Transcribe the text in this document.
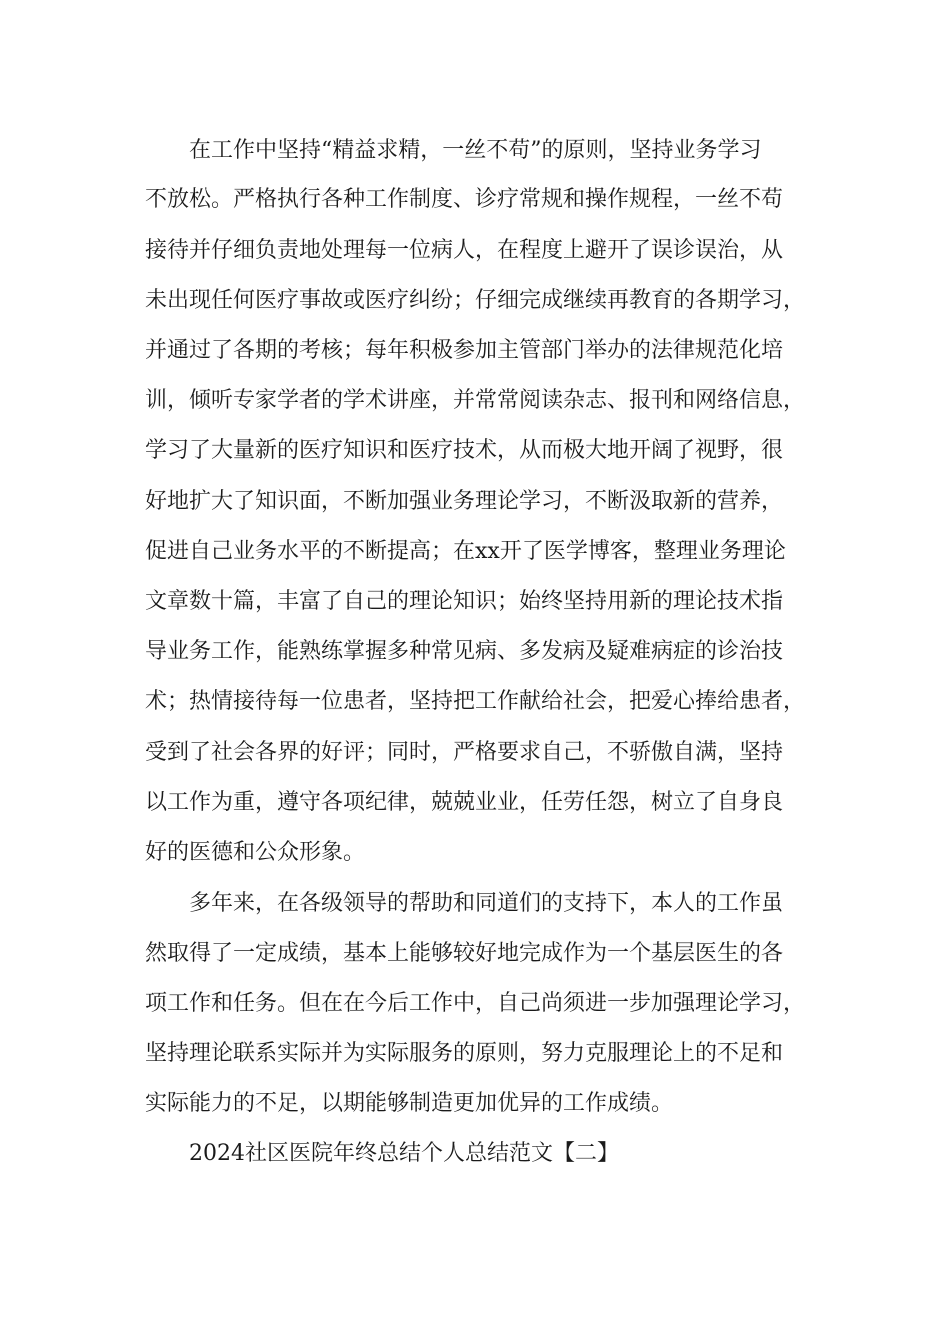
在工作中坚持“精益求精，一丝不苟”的原则，坚持业务学习

不放松。严格执行各种工作制度、诊疗常规和操作规程，一丝不苟

接待并仔细负责地处理每一位病人，在程度上避开了误诊误治，从

未出现任何医疗事故或医疗纠纷；仔细完成继续再教育的各期学习，

并通过了各期的考核；每年积极参加主管部门举办的法律规范化培

训，倾听专家学者的学术讲座，并常常阅读杂志、报刊和网络信息，

学习了大量新的医疗知识和医疗技术，从而极大地开阔了视野，很

好地扩大了知识面，不断加强业务理论学习，不断汲取新的营养，

促进自己业务水平的不断提高；在xx开了医学博客，整理业务理论

文章数十篇，丰富了自己的理论知识；始终坚持用新的理论技术指

导业务工作，能熟练掌握多种常见病、多发病及疑难病症的诊治技

术；热情接待每一位患者，坚持把工作献给社会，把爱心捧给患者，

受到了社会各界的好评；同时，严格要求自己，不骄傲自满，坚持

以工作为重，遵守各项纪律，兢兢业业，任劳任怨，树立了自身良

好的医德和公众形象。

多年来，在各级领导的帮助和同道们的支持下，本人的工作虽

然取得了一定成绩，基本上能够较好地完成作为一个基层医生的各

项工作和任务。但在在今后工作中，自己尚须进一步加强理论学习，

坚持理论联系实际并为实际服务的原则，努力克服理论上的不足和

实际能力的不足，以期能够制造更加优异的工作成绩。

2024社区医院年终总结个人总结范文【二】
